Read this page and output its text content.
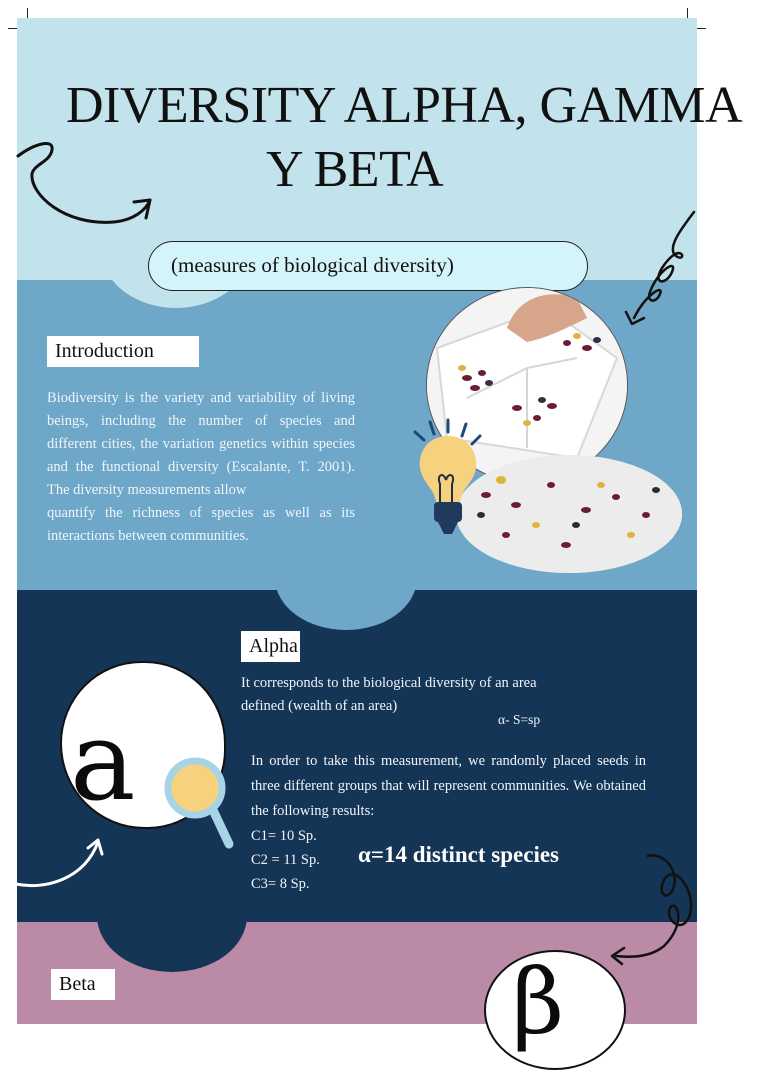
DIVERSITY ALPHA, GAMMA
Y BETA
(measures of biological diversity)
Introduction

Biodiversity is the variety and variability of living beings, including the number of species and different cities, the variation genetics within species and the functional diversity (Escalante, T. 2001). The diversity measurements allow

quantify the richness of species as well as its interactions between communities.

a
Alpha

It corresponds to the biological diversity of an area

defined (wealth of an area)

α- S=sp

In order to take this measurement, we randomly placed seeds in three different groups that will represent communities. We obtained the following results:

C1= 10 Sp.
C2 = 11 Sp.
C3= 8 Sp.
α=14 distinct species
Beta	β
